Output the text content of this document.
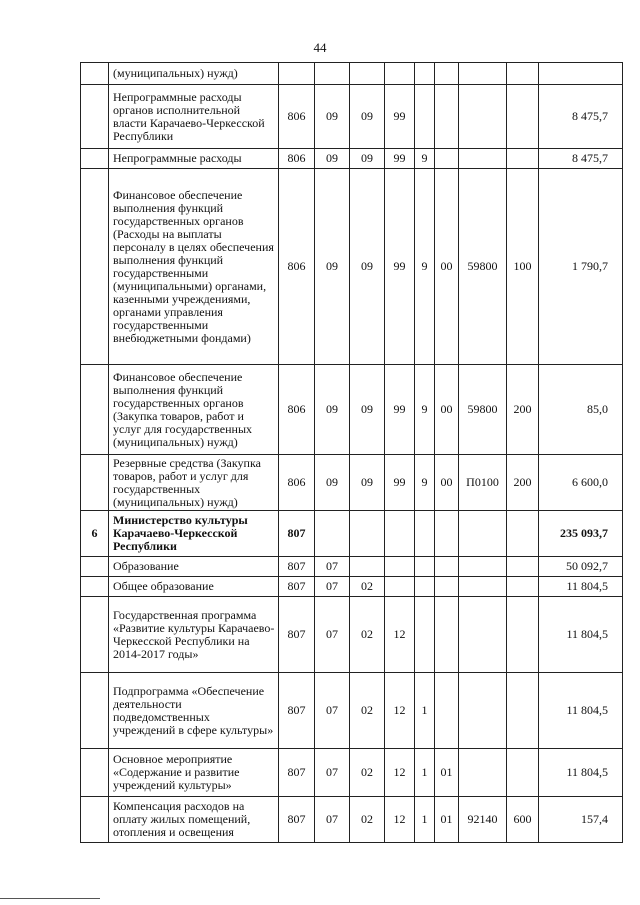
44
	(муниципальных) нужд)									
	Непрограммные расходы органов исполнительной власти Карачаево-Черкесской Республики	806	09	09	99					8 475,7
	Непрограммные расходы	806	09	09	99	9				8 475,7
	Финансовое обеспечение выполнения функций государственных органов (Расходы на выплаты персоналу в целях обеспечения выполнения функций государственными (муниципальными) органами, казенными учреждениями, органами управления государственными внебюджетными фондами)	806	09	09	99	9	00	59800	100	1 790,7
	Финансовое обеспечение выполнения функций государственных органов (Закупка товаров, работ и услуг для государственных (муниципальных) нужд)	806	09	09	99	9	00	59800	200	85,0
	Резервные средства (Закупка товаров, работ и услуг для государственных (муниципальных) нужд)	806	09	09	99	9	00	П0100	200	6 600,0
6	Министерство культуры Карачаево-Черкесской Республики	807								235 093,7
	Образование	807	07							50 092,7
	Общее образование	807	07	02						11 804,5
	Государственная программа «Развитие культуры Карачаево-Черкесской Республики на 2014-2017 годы»	807	07	02	12					11 804,5
	Подпрограмма «Обеспечение деятельности подведомственных учреждений в сфере культуры»	807	07	02	12	1				11 804,5
	Основное мероприятие «Содержание и развитие учреждений культуры»	807	07	02	12	1	01			11 804,5
	Компенсация расходов на оплату жилых помещений, отопления и освещения	807	07	02	12	1	01	92140	600	157,4
